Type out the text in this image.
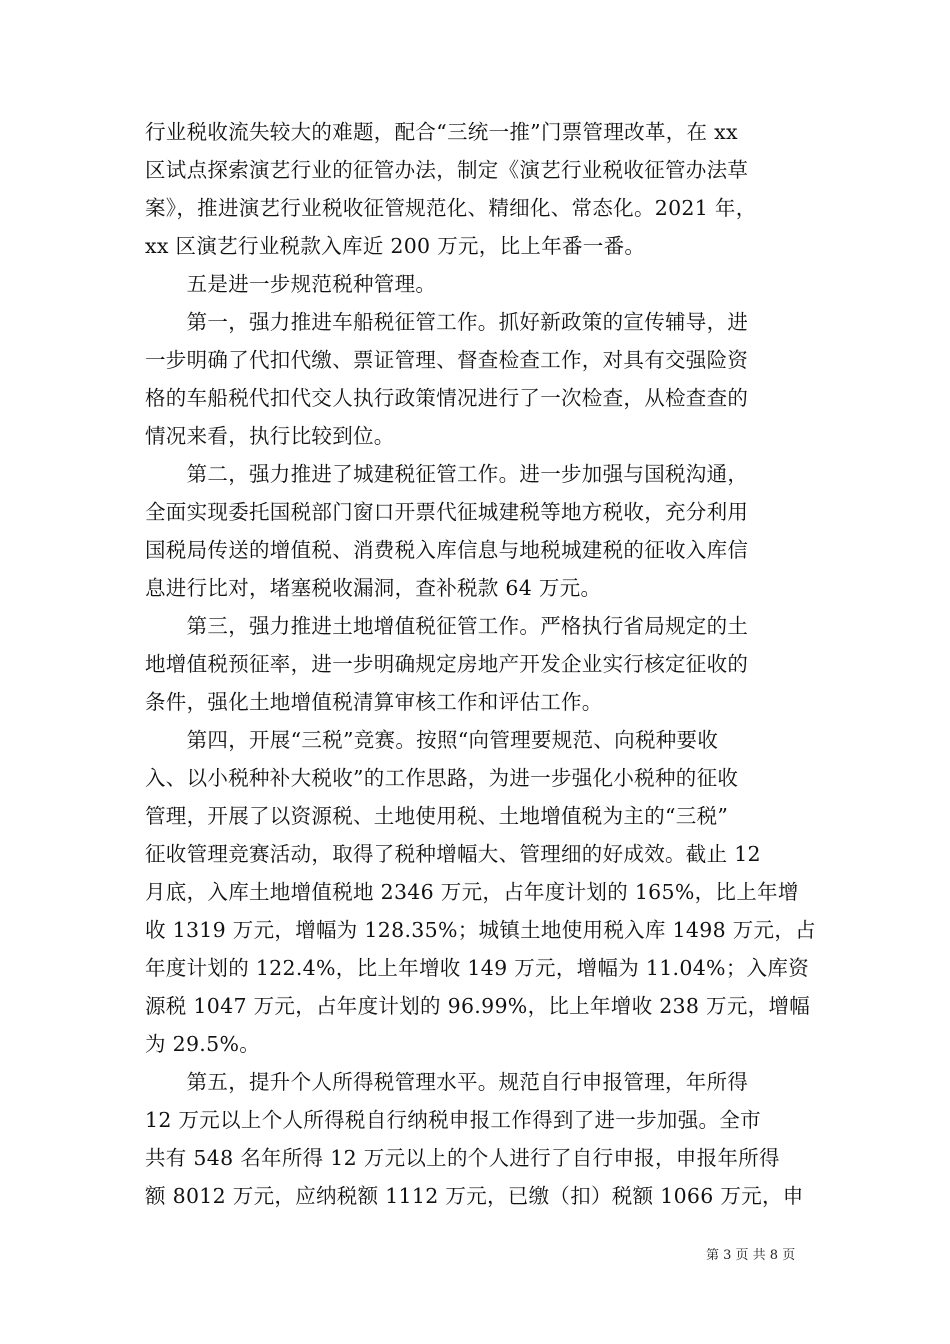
行业税收流失较大的难题，配合“三统一推”门票管理改革，在 xx
区试点探索演艺行业的征管办法，制定《演艺行业税收征管办法草
案》，推进演艺行业税收征管规范化、精细化、常态化。2021 年，
xx 区演艺行业税款入库近 200 万元，比上年番一番。
　　五是进一步规范税种管理。
　　第一，强力推进车船税征管工作。抓好新政策的宣传辅导，进
一步明确了代扣代缴、票证管理、督查检查工作，对具有交强险资
格的车船税代扣代交人执行政策情况进行了一次检查，从检查查的
情况来看，执行比较到位。
　　第二，强力推进了城建税征管工作。进一步加强与国税沟通，
全面实现委托国税部门窗口开票代征城建税等地方税收，充分利用
国税局传送的增值税、消费税入库信息与地税城建税的征收入库信
息进行比对，堵塞税收漏洞，查补税款 64 万元。
　　第三，强力推进土地增值税征管工作。严格执行省局规定的土
地增值税预征率，进一步明确规定房地产开发企业实行核定征收的
条件，强化土地增值税清算审核工作和评估工作。
　　第四，开展“三税”竞赛。按照“向管理要规范、向税种要收
入、以小税种补大税收”的工作思路，为进一步强化小税种的征收
管理，开展了以资源税、土地使用税、土地增值税为主的“三税”
征收管理竞赛活动，取得了税种增幅大、管理细的好成效。截止 12
月底，入库土地增值税地 2346 万元，占年度计划的 165%，比上年增
收 1319 万元，增幅为 128.35%；城镇土地使用税入库 1498 万元，占
年度计划的 122.4%，比上年增收 149 万元，增幅为 11.04%；入库资
源税 1047 万元，占年度计划的 96.99%，比上年增收 238 万元，增幅
为 29.5%。
　　第五，提升个人所得税管理水平。规范自行申报管理，年所得
12 万元以上个人所得税自行纳税申报工作得到了进一步加强。全市
共有 548 名年所得 12 万元以上的个人进行了自行申报，申报年所得
额 8012 万元，应纳税额 1112 万元，已缴（扣）税额 1066 万元，申
第 3 页 共 8 页
